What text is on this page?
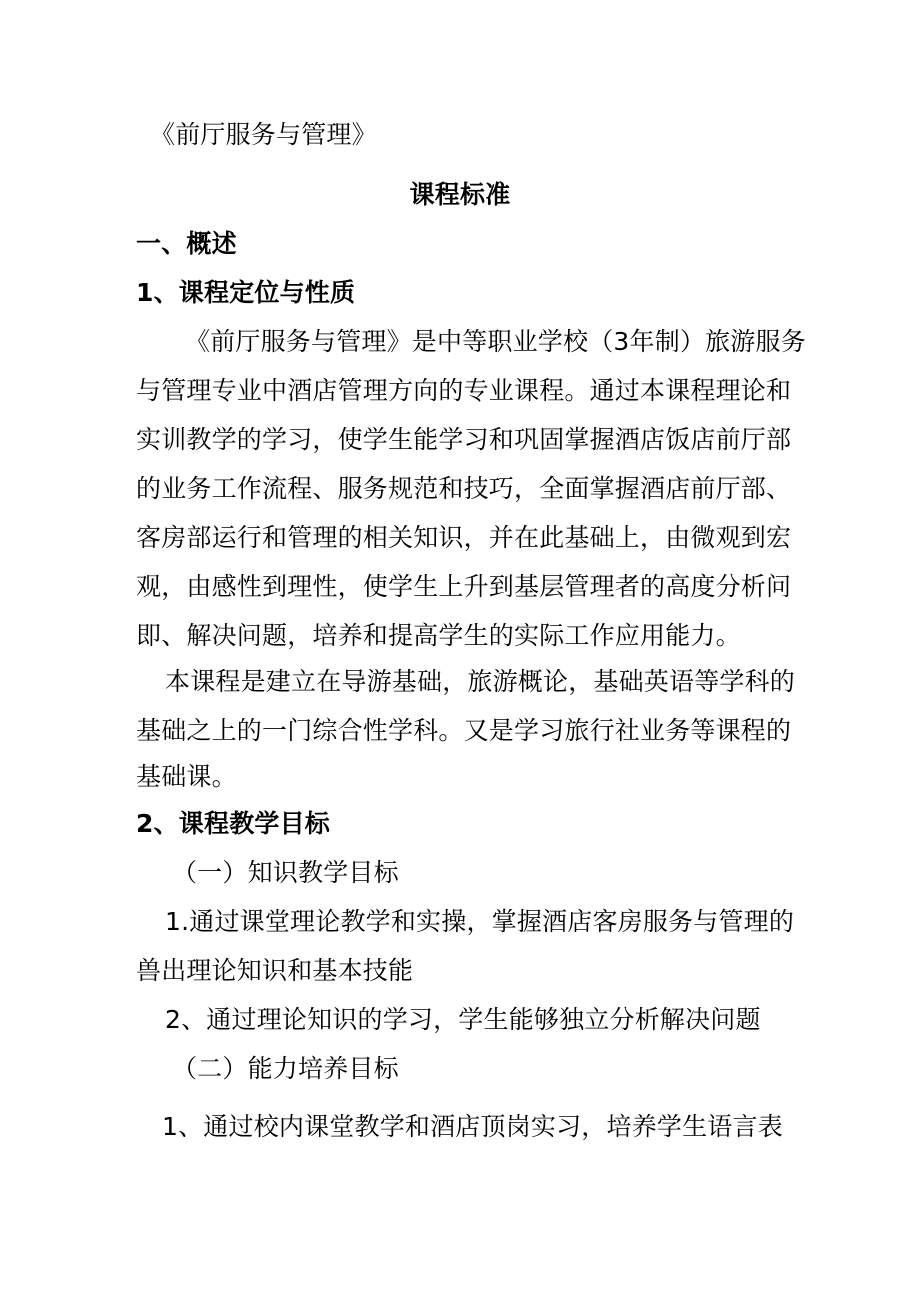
《前厅服务与管理》
课程标准
一、概述
1、课程定位与性质
《前厅服务与管理》是中等职业学校（3年制）旅游服务
与管理专业中酒店管理方向的专业课程。通过本课程理论和
实训教学的学习，使学生能学习和巩固掌握酒店饭店前厅部
的业务工作流程、服务规范和技巧，全面掌握酒店前厅部、
客房部运行和管理的相关知识，并在此基础上，由微观到宏
观，由感性到理性，使学生上升到基层管理者的高度分析问
即、解决问题，培养和提高学生的实际工作应用能力。
本课程是建立在导游基础，旅游概论，基础英语等学科的
基础之上的一门综合性学科。又是学习旅行社业务等课程的
基础课。
2、课程教学目标
（一）知识教学目标
1.通过课堂理论教学和实操，掌握酒店客房服务与管理的
兽出理论知识和基本技能
2、通过理论知识的学习，学生能够独立分析解决问题
（二）能力培养目标
1、通过校内课堂教学和酒店顶岗实习，培养学生语言表
